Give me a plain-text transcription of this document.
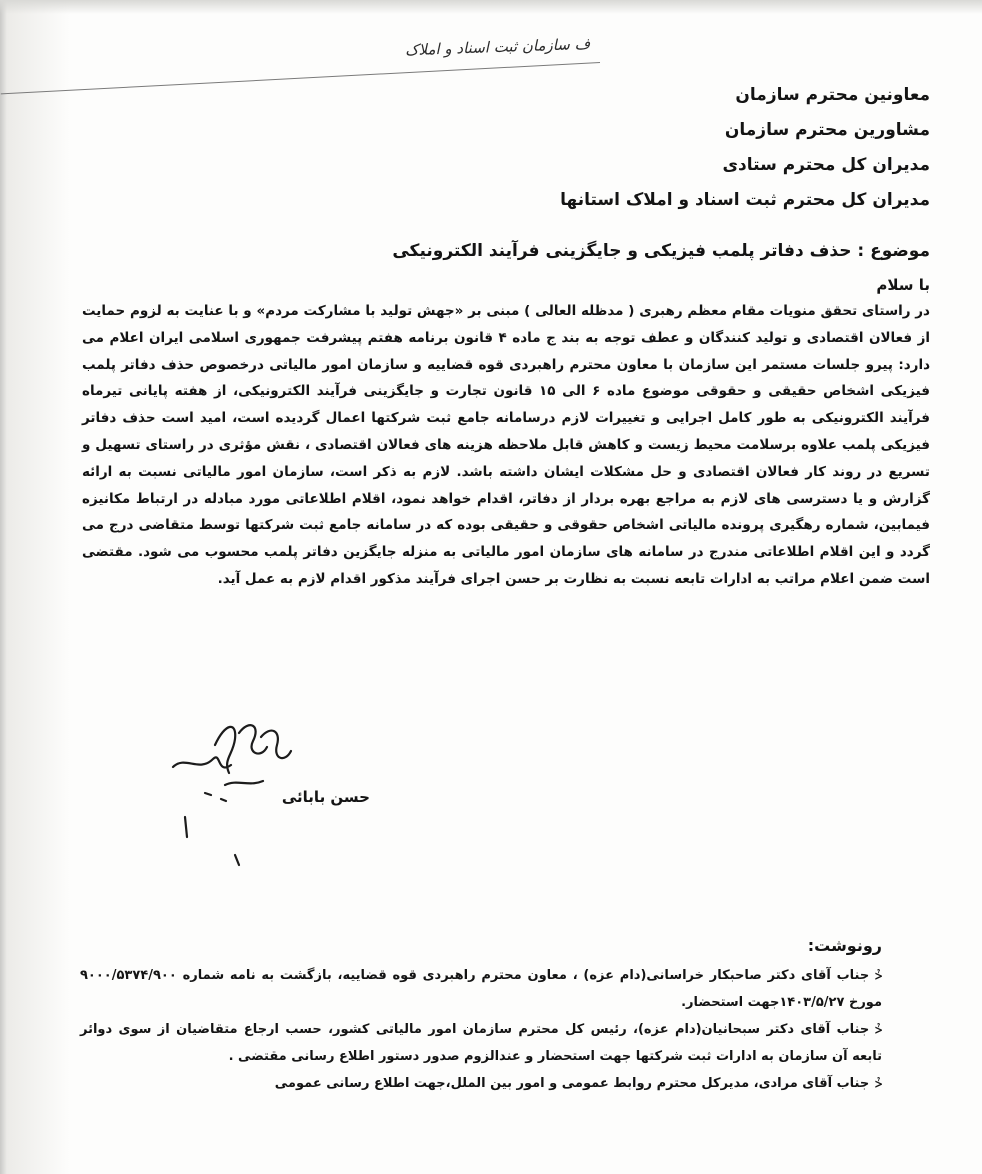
ف سازمان ثبت اسناد و املاک
معاونین محترم سازمان
مشاورین محترم سازمان
مدیران کل محترم ستادی
مدیران کل محترم ثبت اسناد و املاک استانها
موضوع : حذف دفاتر پلمب فیزیکی و جایگزینی فرآیند الکترونیکی
با سلام
در راستای تحقق منویات مقام معظم رهبری ( مدظله العالی ) مبنی بر «جهش تولید با مشارکت مردم» و با عنایت به لزوم حمایت از فعالان اقتصادی و تولید کنندگان و عطف توجه به بند ج ماده ۴ قانون برنامه هفتم پیشرفت جمهوری اسلامی ایران اعلام می دارد: پیرو جلسات مستمر این سازمان با معاون محترم راهبردی قوه قضاییه و سازمان امور مالیاتی درخصوص حذف دفاتر پلمب فیزیکی اشخاص حقیقی و حقوقی موضوع ماده ۶ الی ۱۵ قانون تجارت و جایگزینی فرآیند الکترونیکی، از هفته پایانی تیرماه فرآیند الکترونیکی به طور کامل اجرایی و تغییرات لازم درسامانه جامع ثبت شرکتها اعمال گردیده است، امید است حذف دفاتر فیزیکی پلمب علاوه برسلامت محیط زیست و کاهش قابل ملاحظه هزینه های فعالان اقتصادی ، نقش مؤثری در راستای تسهیل و تسریع در روند کار فعالان اقتصادی و حل مشکلات ایشان داشته باشد. لازم به ذکر است، سازمان امور مالیاتی نسبت به ارائه گزارش و یا دسترسی های لازم به مراجع بهره بردار از دفاتر، اقدام خواهد نمود، اقلام اطلاعاتی مورد مبادله در ارتباط مکانیزه فیمابین، شماره رهگیری پرونده مالیاتی اشخاص حقوقی و حقیقی بوده که در سامانه جامع ثبت شرکتها توسط متقاضی درج می گردد و این اقلام اطلاعاتی مندرج در سامانه های سازمان امور مالیاتی به منزله جایگزین دفاتر پلمب محسوب می شود. مقتضی است ضمن اعلام مراتب به ادارات تابعه نسبت به نظارت بر حسن اجرای فرآیند مذکور اقدام لازم به عمل آید.
حسن بابائی
رونوشت:

⩻جناب آقای دکتر صاحبکار خراسانی(دام عزه) ، معاون محترم راهبردی قوه قضاییه، بازگشت به نامه شماره ۹۰۰۰/۵۳۷۴/۹۰۰ مورخ ۱۴۰۳/۵/۲۷جهت استحضار.

⩻جناب آقای دکتر سبحانیان(دام عزه)، رئیس کل محترم سازمان امور مالیاتی کشور، حسب ارجاع متقاضیان از سوی دوائر تابعه آن سازمان به ادارات ثبت شرکتها جهت استحضار و عندالزوم صدور دستور اطلاع رسانی مقتضی .

⩻جناب آقای مرادی، مدیرکل محترم روابط عمومی و امور بین الملل،جهت اطلاع رسانی عمومی
